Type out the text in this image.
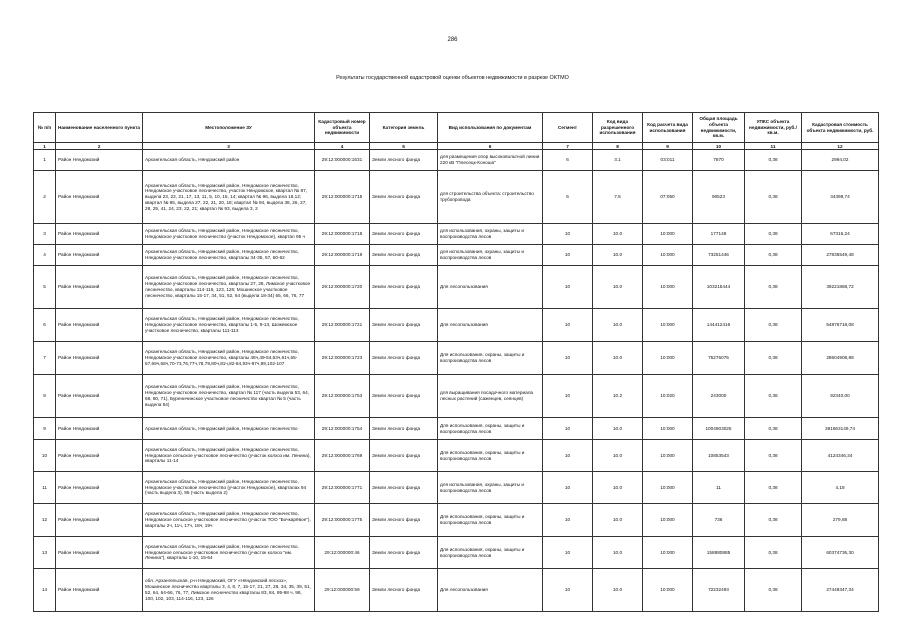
286
Результаты государственной кадастровой оценки объектов недвижимости в разрезе ОКТМО
№ п/п	Наименование населенного пункта	Местоположение ЗУ	Кадастровый номер объекта недвижимости	Категория земель	Вид использования по документам	Сегмент	Код вида разрешенного использования	Код расчета вида использования	Общая площадь объекта недвижимости, кв.м.	УПКС объекта недвижимости, руб./кв.м.	Кадастровая стоимость объекта недвижимости, руб.
1	2	3	4	5	6	7	8	9	10	11	12
1	Район Няндомский	Архангельская область, Няндомский район	29:12:000000:1631	Земли лесного фонда	для размещения опор высоковольтной линии 220 кВ "Плесецк-Коноша"	6	3.1	03:011	7870	0,38	2994,02
2	Район Няндомский	Архангельская область, Няндомский район, Няндомское лесничество, Няндомское участковое лесничество, участок Няндомское, квартал № 87, выдела 23, 22, 21, 17, 13, 11, 5, 10, 15, 14; квартал № 96, выдела 18,12; квартал № 95, выдела 27, 22, 21, 20, 18; квартал № 94, выдела 38, 26, 27, 28, 25, 41, 24, 23, 22, 21; квартал № 93, выдела 3, 2	29:12:000000:1715	Земли лесного фонда	для строительства объекта: строительство трубопровода	6	7.5	07:050	90523	0,38	34398,74
3	Район Няндомский	Архангельская область, Няндомский район, Няндомское лесничество, Няндомское участковое лесничество (участок Няндомское), квартал 95 ч	29:12:000000:1718	Земли лесного фонда	для использования, охраны, защиты и воспроизводства лесов	10	10.0	10:000	177148	0,38	67316,24
4	Район Няндомский	Архангельская область, Няндомский район, Няндомское лесничество, Няндомское участковое лесничество, кварталы 34-35, 57, 60-62	29:12:000000:1719	Земли лесного фонда	для использования, охраны, защиты и воспроизводства лесов	10	10.0	10:000	73251446	0,38	27835549,48
5	Район Няндомский	Архангельская область, Няндомский район, Няндомское лесничество, Няндомское участковое лесничество, кварталы 27, 28, Лимское участковое лесничество, кварталы 114-116, 123, 126; Мошинское участковое лесничество, кварталы 15-17, 34, 51, 52, 64 (выдела 18-34) 65, 66, 76, 77	29:12:000000:1720	Земли лесного фонда	Для лесопользования	10	10.0	10:000	103215444	0,38	39221868,72
6	Район Няндомский	Архангельская область, Няндомский район, Няндомское лесничество, Няндомское участковое лесничество, кварталы 1-5, 9-13, Шожемское участковое лесничество, кварталы 111-113	29:12:000000:1721	Земли лесного фонда	Для лесопользования	10	10.0	10:000	144412416	0,38	54876718,08
7	Район Няндомский	Архангельская область, Няндомский район, Няндомское лесничество, Няндомское участковое лесничество, кварталы 48ч,49-54,63ч,61ч,65-67,69ч,68ч,70-73,76,77ч,78,79,80ч,81ч,82-84,93ч-97ч,99,102-107	29:12:000000:1723	Земли лесного фонда	Для использования, охраны, защиты и воспроизводства лесов	10	10.0	10:000	75276076	0,38	28604908,88
8	Район Няндомский	Архангельская область, Няндомский район, Няндомское лесничество, Няндомское участковое лесничество, квартал № 117 (часть выдела 53, 64, 68, 80, 71), Буреничинское участковое лесничество квартал № 5 (часть выдела 54)	29:12:000000:1753	Земли лесного фонда	для выращивания посадочного материала лесных растений (саженцев, сеянцев)	10	10.2	10:020	243000	0,38	92340,00
9	Район Няндомский	Архангельская область, Няндомский район, Няндомское лесничество	29:12:000000:1754	Земли лесного фонда	Для использования, охраны, защиты и воспроизводства лесов	10	10.0	10:000	1004903025	0,38	381863149,74
10	Район Няндомский	Архангельская область, Няндомский район, Няндомское лесничество, Няндомское сельское участковое лесничество (участок колхоз им. Ленина), кварталы 11-14	29:12:000000:1769	Земли лесного фонда	Для использования, охраны, защиты и воспроизводства лесов	10	10.0	10:000	10853543	0,38	4124346,34
11	Район Няндомский	Архангельская область, Няндомский район, Няндомское лесничество, Няндомское участковое лесничество (участок Няндомское), кварталах 94 (часть выдела 3), 95 (часть выдела 2)	29:12:000000:1771	Земли лесного фонда	для использования, охраны, защиты и воспроизводства лесов	10	10.0	10:000	11	0,38	4,18
12	Район Няндомский	Архангельская область, Няндомский район, Няндомское лесничество, Няндомское сельское участковое лесничество (участок ТОО "Бочкарёвое"), кварталы 2ч, 11ч, 17ч, 18ч, 19ч	29:12:000000:1775	Земли лесного фонда	Для использования, охраны, защиты и воспроизводства лесов	10	10.0	10:000	736	0,38	279,68
13	Район Няндомский	Архангельская область, Няндомский район, Няндомское лесничество, Няндомское сельское участковое лесничество (участок колхоз "им. Ленина"), кварталы 1-10, 15-64	29:12:000000:46	Земли лесного фонда	Для использования, охраны, защиты и воспроизводства лесов	10	10.0	10:000	158880885	0,38	60374736,30
14	Район Няндомский	обл. Архангельская, р-н Няндомский, ОГУ «Няндомский лесхоз», Мошинское лесничество кварталы 3, 4, 8, 7, 15-17, 21, 27, 28, 34, 35, 39, 51, 52, 64, 64-66, 76, 77, Лимское лесничество кварталы 83, 84, 95-98 ч, 98, 100, 102, 103, 114-116, 123, 126	29:12:000000:59	Земли лесного фонда	Для лесопользования	10	10.0	10:000	72232493	0,38	27448347,34
